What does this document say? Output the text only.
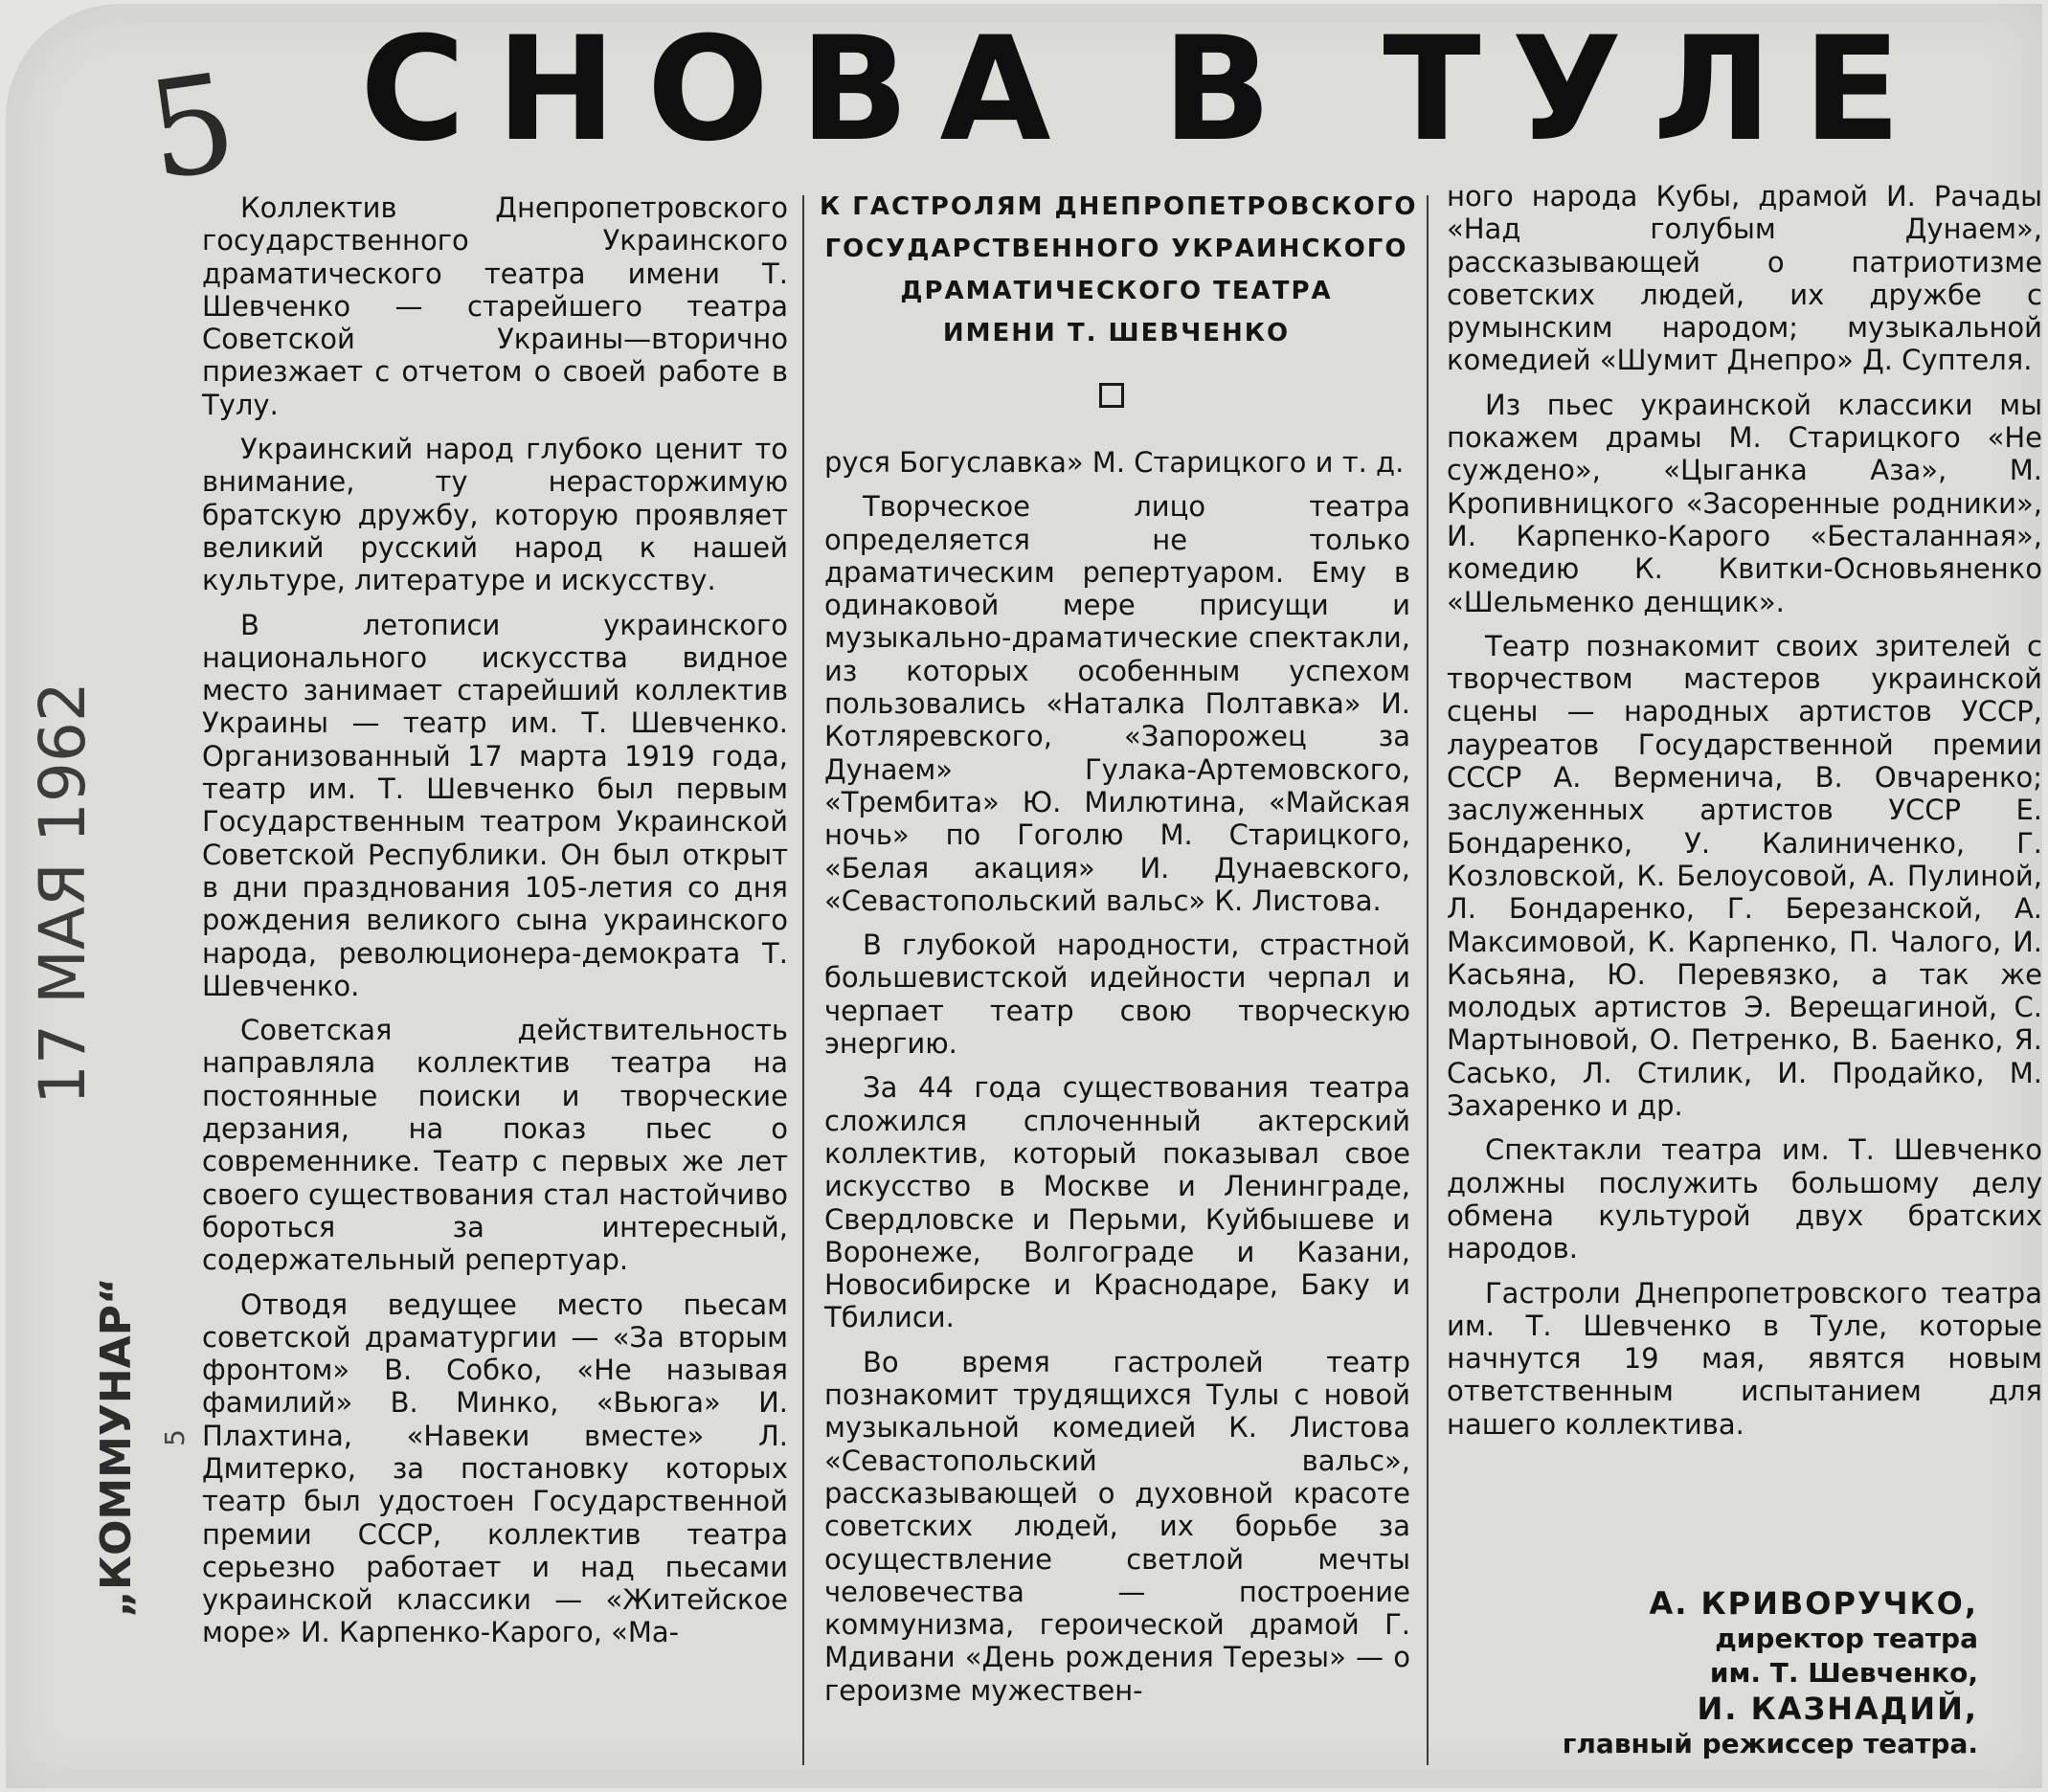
5 СНОВА В ТУЛЕ
17 МАЯ 1962
„КОММУНАР“ 5

Коллектив Днепропетровского государственного Украинского драматического театра имени Т. Шевченко — старейшего театра Советской Украины—вторично приезжает с отчетом о своей работе в Тулу.

Украинский народ глубоко ценит то внимание, ту нерасторжимую братскую дружбу, которую проявляет великий русский народ к нашей культуре, литературе и искусству.

В летописи украинского национального искусства видное место занимает старейший коллектив Украины — театр им. Т. Шевченко. Организованный 17 марта 1919 года, театр им. Т. Шевченко был первым Государственным театром Украинской Советской Республики. Он был открыт в дни празднования 105-летия со дня рождения великого сына украинского народа, революционера-демократа Т. Шевченко.

Советская действительность направляла коллектив театра на постоянные поиски и творческие дерзания, на показ пьес о современнике. Театр с первых же лет своего существования стал настойчиво бороться за интересный, содержательный репертуар.

Отводя ведущее место пьесам советской драматургии — «За вторым фронтом» В. Собко, «Не называя фамилий» В. Минко, «Вьюга» И. Плахтина, «Навеки вместе» Л. Дмитерко, за постановку которых театр был удостоен Государственной премии СССР, коллектив театра серьезно работает и над пьесами украинской классики — «Житейское море» И. Карпенко-Карого, «Ма-

К ГАСТРОЛЯМ ДНЕПРОПЕТРОВСКОГО
ГОСУДАРСТВЕННОГО УКРАИНСКОГО
ДРАМАТИЧЕСКОГО ТЕАТРА
ИМЕНИ Т. ШЕВЧЕНКО

руся Богуславка» М. Старицкого и т. д.

Творческое лицо театра определяется не только драматическим репертуаром. Ему в одинаковой мере присущи и музыкально-драматические спектакли, из которых особенным успехом пользовались «Наталка Полтавка» И. Котляревского, «Запорожец за Дунаем» Гулака-Артемовского, «Трембита» Ю. Милютина, «Майская ночь» по Гоголю М. Старицкого, «Белая акация» И. Дунаевского, «Севастопольский вальс» К. Листова.

В глубокой народности, страстной большевистской идейности черпал и черпает театр свою творческую энергию.

За 44 года существования театра сложился сплоченный актерский коллектив, который показывал свое искусство в Москве и Ленинграде, Свердловске и Перьми, Куйбышеве и Воронеже, Волгограде и Казани, Новосибирске и Краснодаре, Баку и Тбилиси.

Во время гастролей театр познакомит трудящихся Тулы с новой музыкальной комедией К. Листова «Севастопольский вальс», рассказывающей о духовной красоте советских людей, их борьбе за осуществление светлой мечты человечества — построение коммунизма, героической драмой Г. Мдивани «День рождения Терезы» — о героизме мужествен-

ного народа Кубы, драмой И. Рачады «Над голубым Дунаем», рассказывающей о патриотизме советских людей, их дружбе с румынским народом; музыкальной комедией «Шумит Днепро» Д. Суптеля.

Из пьес украинской классики мы покажем драмы М. Старицкого «Не суждено», «Цыганка Аза», М. Кропивницкого «Засоренные родники», И. Карпенко-Карого «Бесталанная», комедию К. Квитки-Основьяненко «Шельменко денщик».

Театр познакомит своих зрителей с творчеством мастеров украинской сцены — народных артистов УССР, лауреатов Государственной премии СССР А. Верменича, В. Овчаренко; заслуженных артистов УССР Е. Бондаренко, У. Калиниченко, Г. Козловской, К. Белоусовой, А. Пулиной, Л. Бондаренко, Г. Березанской, А. Максимовой, К. Карпенко, П. Чалого, И. Касьяна, Ю. Перевязко, а так же молодых артистов Э. Верещагиной, С. Мартыновой, О. Петренко, В. Баенко, Я. Сасько, Л. Стилик, И. Продайко, М. Захаренко и др.

Спектакли театра им. Т. Шевченко должны послужить большому делу обмена культурой двух братских народов.

Гастроли Днепропетровского театра им. Т. Шевченко в Туле, которые начнутся 19 мая, явятся новым ответственным испытанием для нашего коллектива.

А. КРИВОРУЧКО,
директор театра
им. Т. Шевченко,
И. КАЗНАДИЙ,
главный режиссер театра.
